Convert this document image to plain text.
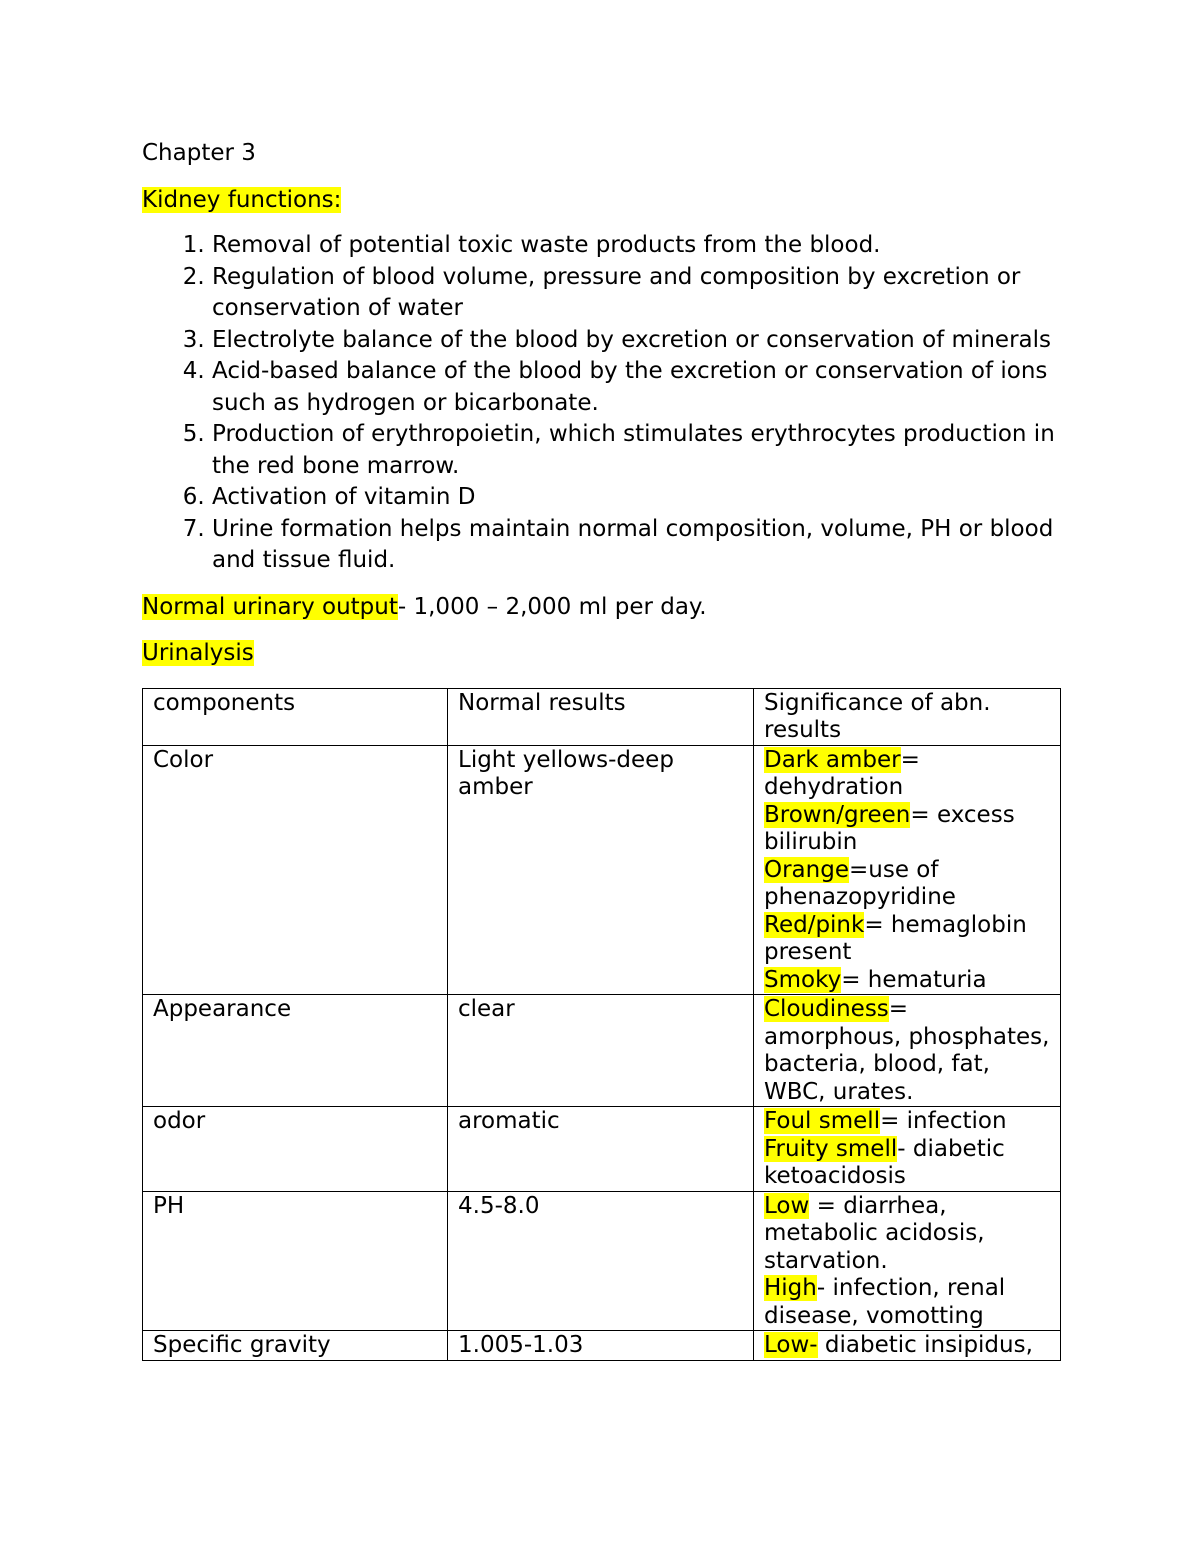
Chapter 3
Kidney functions:
1. Removal of potential toxic waste products from the blood.
2. Regulation of blood volume, pressure and composition by excretion or conservation of water
3. Electrolyte balance of the blood by excretion or conservation of minerals
4. Acid-based balance of the blood by the excretion or conservation of ions such as hydrogen or bicarbonate.
5. Production of erythropoietin, which stimulates erythrocytes production in the red bone marrow.
6. Activation of vitamin D
7. Urine formation helps maintain normal composition, volume, PH or blood and tissue fluid.
Normal urinary output- 1,000 – 2,000 ml per day.
Urinalysis
components	Normal results	Significance of abn. results
Color	Light yellows-deep amber	Dark amber= dehydration
Brown/green= excess bilirubin
Orange=use of phenazopyridine
Red/pink= hemaglobin present
Smoky= hematuria

Appearance	clear	Cloudiness= amorphous, phosphates, bacteria, blood, fat, WBC, urates.

odor	aromatic	Foul smell= infection
Fruity smell- diabetic ketoacidosis

PH	4.5-8.0	Low = diarrhea, metabolic acidosis, starvation.
High- infection, renal disease, vomotting

Specific gravity	1.005-1.03	Low- diabetic insipidus,
